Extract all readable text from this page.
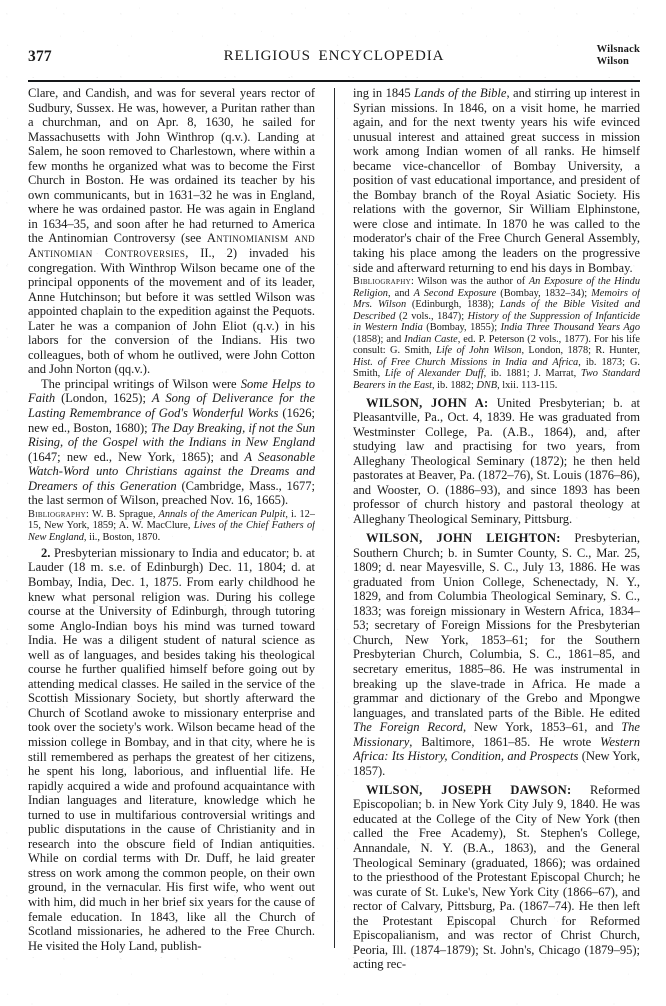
377	RELIGIOUS ENCYCLOPEDIA	Wilsnack
Wilson

Clare, and Candish, and was for several years rector of Sudbury, Sussex. He was, however, a Puritan rather than a churchman, and on Apr. 8, 1630, he sailed for Massachusetts with John Winthrop (q.v.). Landing at Salem, he soon removed to Charlestown, where within a few months he organized what was to become the First Church in Boston. He was ordained its teacher by his own communicants, but in 1631–32 he was in England, where he was ordained pastor. He was again in England in 1634–35, and soon after he had returned to America the Antinomian Controversy (see Antinomianism and Antinomian Controversies, II., 2) invaded his congregation. With Winthrop Wilson became one of the principal opponents of the movement and of its leader, Anne Hutchinson; but before it was settled Wilson was appointed chaplain to the expedition against the Pequots. Later he was a companion of John Eliot (q.v.) in his labors for the conversion of the Indians. His two colleagues, both of whom he outlived, were John Cotton and John Norton (qq.v.).

The principal writings of Wilson were Some Helps to Faith (London, 1625); A Song of Deliverance for the Lasting Remembrance of God's Wonderful Works (1626; new ed., Boston, 1680); The Day Breaking, if not the Sun Rising, of the Gospel with the Indians in New England (1647; new ed., New York, 1865); and A Seasonable Watch-Word unto Christians against the Dreams and Dreamers of this Generation (Cambridge, Mass., 1677; the last sermon of Wilson, preached Nov. 16, 1665).

Bibliography: W. B. Sprague, Annals of the American Pulpit, i. 12–15, New York, 1859; A. W. MacClure, Lives of the Chief Fathers of New England, ii., Boston, 1870.

2. Presbyterian missionary to India and educator; b. at Lauder (18 m. s.e. of Edinburgh) Dec. 11, 1804; d. at Bombay, India, Dec. 1, 1875. From early childhood he knew what personal religion was. During his college course at the University of Edinburgh, through tutoring some Anglo-Indian boys his mind was turned toward India. He was a diligent student of natural science as well as of languages, and besides taking his theological course he further qualified himself before going out by attending medical classes. He sailed in the service of the Scottish Missionary Society, but shortly afterward the Church of Scotland awoke to missionary enterprise and took over the society's work. Wilson became head of the mission college in Bombay, and in that city, where he is still remembered as perhaps the greatest of her citizens, he spent his long, laborious, and influential life. He rapidly acquired a wide and profound acquaintance with Indian languages and literature, knowledge which he turned to use in multifarious controversial writings and public disputations in the cause of Christianity and in research into the obscure field of Indian antiquities. While on cordial terms with Dr. Duff, he laid greater stress on work among the common people, on their own ground, in the vernacular. His first wife, who went out with him, did much in her brief six years for the cause of female education. In 1843, like all the Church of Scotland missionaries, he adhered to the Free Church. He visited the Holy Land, publish-

ing in 1845 Lands of the Bible, and stirring up interest in Syrian missions. In 1846, on a visit home, he married again, and for the next twenty years his wife evinced unusual interest and attained great success in mission work among Indian women of all ranks. He himself became vice-chancellor of Bombay University, a position of vast educational importance, and president of the Bombay branch of the Royal Asiatic Society. His relations with the governor, Sir William Elphinstone, were close and intimate. In 1870 he was called to the moderator's chair of the Free Church General Assembly, taking his place among the leaders on the progressive side and afterward returning to end his days in Bombay.

Bibliography: Wilson was the author of An Exposure of the Hindu Religion, and A Second Exposure (Bombay, 1832–34); Memoirs of Mrs. Wilson (Edinburgh, 1838); Lands of the Bible Visited and Described (2 vols., 1847); History of the Suppression of Infanticide in Western India (Bombay, 1855); India Three Thousand Years Ago (1858); and Indian Caste, ed. P. Peterson (2 vols., 1877). For his life consult: G. Smith, Life of John Wilson, London, 1878; R. Hunter, Hist. of Free Church Missions in India and Africa, ib. 1873; G. Smith, Life of Alexander Duff, ib. 1881; J. Marrat, Two Standard Bearers in the East, ib. 1882; DNB, lxii. 113-115.

WILSON, JOHN A: United Presbyterian; b. at Pleasantville, Pa., Oct. 4, 1839. He was graduated from Westminster College, Pa. (A.B., 1864), and, after studying law and practising for two years, from Alleghany Theological Seminary (1872); he then held pastorates at Beaver, Pa. (1872–76), St. Louis (1876–86), and Wooster, O. (1886–93), and since 1893 has been professor of church history and pastoral theology at Alleghany Theological Seminary, Pittsburg.

WILSON, JOHN LEIGHTON: Presbyterian, Southern Church; b. in Sumter County, S. C., Mar. 25, 1809; d. near Mayesville, S. C., July 13, 1886. He was graduated from Union College, Schenectady, N. Y., 1829, and from Columbia Theological Seminary, S. C., 1833; was foreign missionary in Western Africa, 1834–53; secretary of Foreign Missions for the Presbyterian Church, New York, 1853–61; for the Southern Presbyterian Church, Columbia, S. C., 1861–85, and secretary emeritus, 1885–86. He was instrumental in breaking up the slave-trade in Africa. He made a grammar and dictionary of the Grebo and Mpongwe languages, and translated parts of the Bible. He edited The Foreign Record, New York, 1853–61, and The Missionary, Baltimore, 1861–85. He wrote Western Africa: Its History, Condition, and Prospects (New York, 1857).

WILSON, JOSEPH DAWSON: Reformed Episcopolian; b. in New York City July 9, 1840. He was educated at the College of the City of New York (then called the Free Academy), St. Stephen's College, Annandale, N. Y. (B.A., 1863), and the General Theological Seminary (graduated, 1866); was ordained to the priesthood of the Protestant Episcopal Church; he was curate of St. Luke's, New York City (1866–67), and rector of Calvary, Pittsburg, Pa. (1867–74). He then left the Protestant Episcopal Church for Reformed Episcopalianism, and was rector of Christ Church, Peoria, Ill. (1874–1879); St. John's, Chicago (1879–95); acting rec-
